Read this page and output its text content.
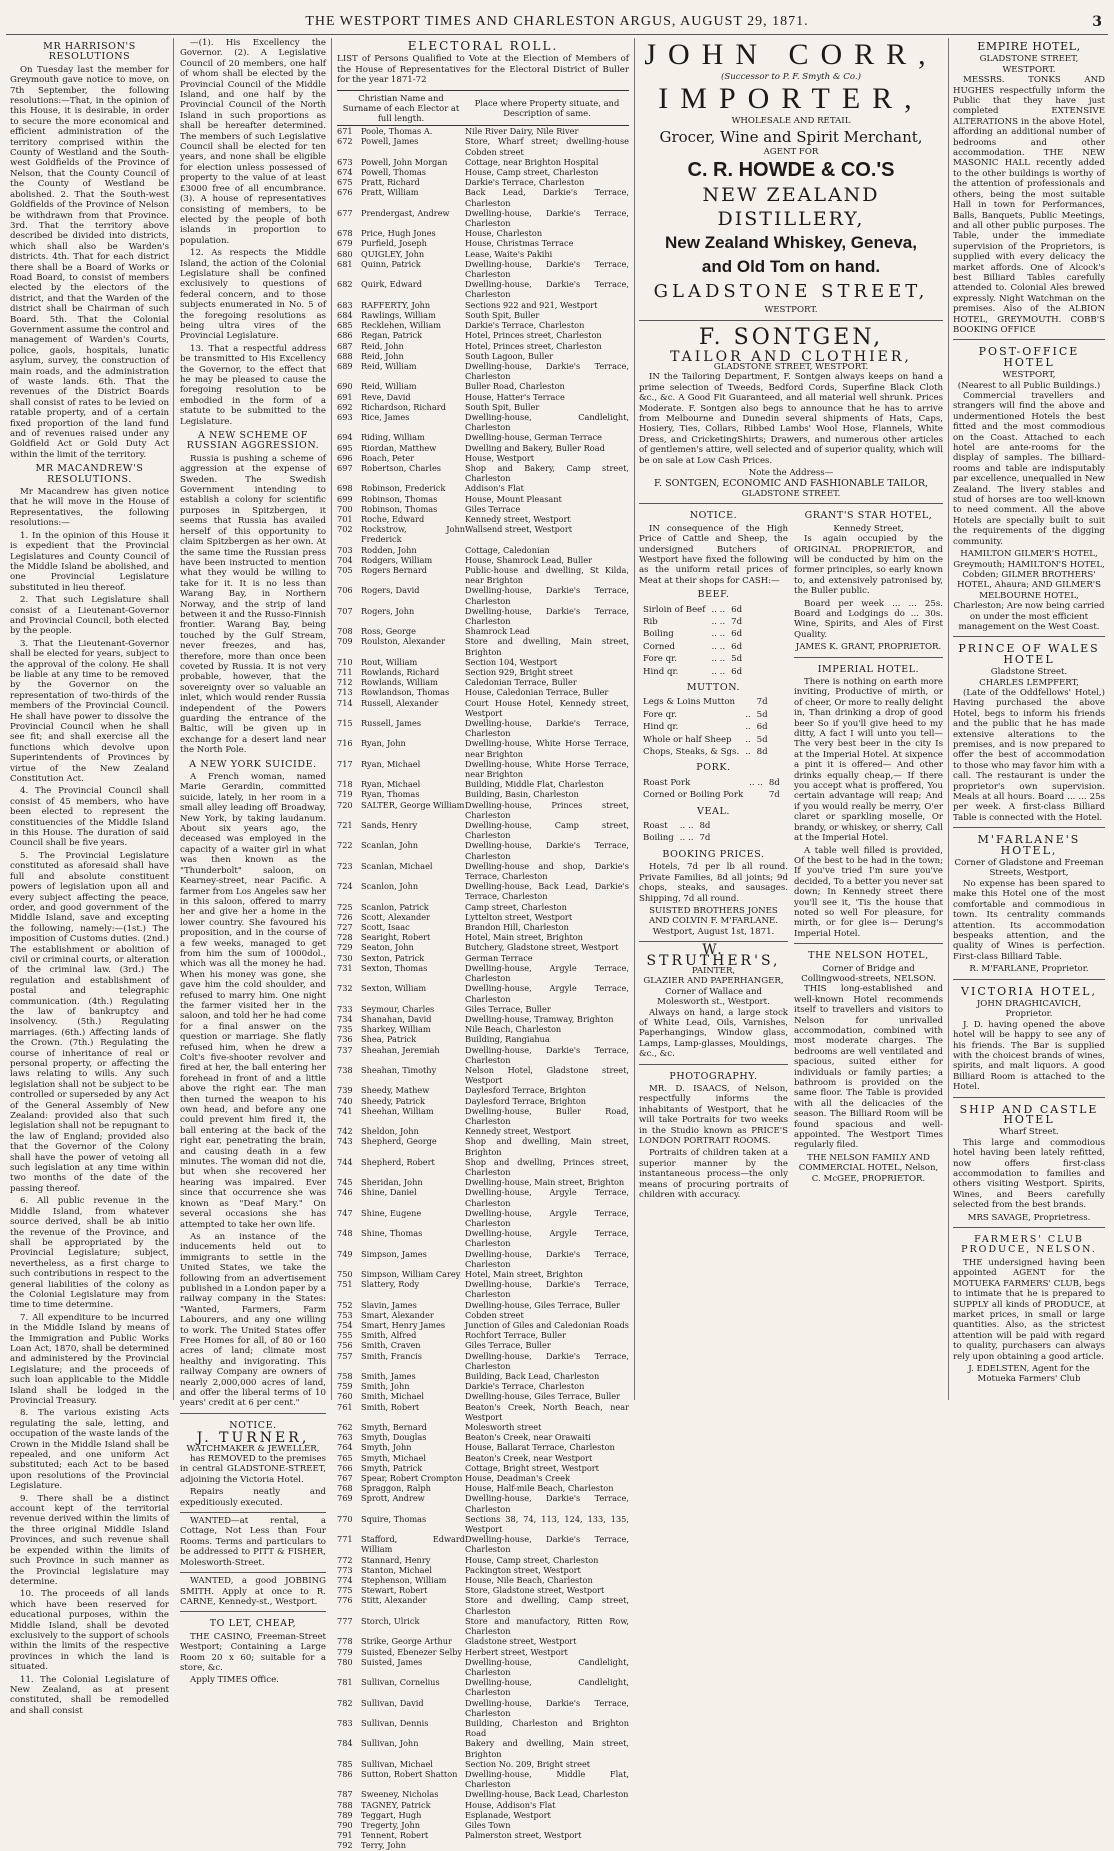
THE WESTPORT TIMES AND CHARLESTON ARGUS, AUGUST 29, 1871.	3
MR HARRISON'S RESOLUTIONS

On Tuesday last the member for Greymouth gave notice to move, on 7th September, the following resolutions:—That, in the opinion of this House, it is desirable, in order to secure the more economical and efficient administration of the territory comprised within the County of Westland and the South-west Goldfields of the Province of Nelson, that the County Council of the County of Westland be abolished. 2. That the South-west Goldfields of the Province of Nelson be withdrawn from that Province. 3rd. That the territory above described be divided into districts, which shall also be Warden's districts. 4th. That for each district there shall be a Board of Works or Road Board, to consist of members elected by the electors of the district, and that the Warden of the district shall be Chairman of such Board. 5th. That the Colonial Government assume the control and management of Warden's Courts, police, gaols, hospitals, lunatic asylum, survey, the construction of main roads, and the administration of waste lands. 6th. That the revenues of the District Boards shall consist of rates to be levied on ratable property, and of a certain fixed proportion of the land fund and of revenues raised under any Goldfield Act or Gold Duty Act within the limit of the territory.

MR MACANDREW'S RESOLUTIONS.

Mr Macandrew has given notice that he will move in the House of Representatives, the following resolutions:—

1. In the opinion of this House it is expedient that the Provincial Legislatures and County Council of the Middle Island be abolished, and one Provincial Legislature substituted in lieu thereof.

2. That such Legislature shall consist of a Lieutenant-Governor and Provincial Council, both elected by the people.

3. That the Lieutenant-Governor shall be elected for years, subject to the approval of the colony. He shall be liable at any time to be removed by the Governor on the representation of two-thirds of the members of the Provincial Council. He shall have power to dissolve the Provincial Council when he shall see fit; and shall exercise all the functions which devolve upon Superintendents of Provinces by virtue of the New Zealand Constitution Act.

4. The Provincial Council shall consist of 45 members, who have been elected to represent the constituencies of the Middle Island in this House. The duration of said Council shall be five years.

5. The Provincial Legislature constituted as aforesaid shall have full and absolute constituent powers of legislation upon all and every subject affecting the peace, order, and good government of the Middle Island, save and excepting the following, namely:—(1st.) The imposition of Customs duties. (2nd.) The establishment or abolition of civil or criminal courts, or alteration of the criminal law. (3rd.) The regulation and establishment of postal and telegraphic communication. (4th.) Regulating the law of bankruptcy and insolvency. (5th.) Regulating marriages. (6th.) Affecting lands of the Crown. (7th.) Regulating the course of inheritance of real or personal property, or affecting the laws relating to wills. Any such legislation shall not be subject to be controlled or superseded by any Act of the General Assembly of New Zealand: provided also that such legislation shall not be repugnant to the law of England; provided also that the Governor of the Colony shall have the power of vetoing all such legislation at any time within two months of the date of the passing thereof.

6. All public revenue in the Middle Island, from whatever source derived, shall be ab initio the revenue of the Province, and shall be appropriated by the Provincial Legislature; subject, nevertheless, as a first charge to such contributions in respect to the general liabilities of the colony as the Colonial Legislature may from time to time determine.

7. All expenditure to be incurred in the Middle Island by means of the Immigration and Public Works Loan Act, 1870, shall be determined and administered by the Provincial Legislature; and the proceeds of such loan applicable to the Middle Island shall be lodged in the Provincial Treasury.

8. The various existing Acts regulating the sale, letting, and occupation of the waste lands of the Crown in the Middle Island shall be repealed, and one uniform Act substituted; each Act to be based upon resolutions of the Provincial Legislature.

9. There shall be a distinct account kept of the territorial revenue derived within the limits of the three original Middle Island Provinces, and such revenue shall be expended within the limits of such Province in such manner as the Provincial legislature may determine.

10. The proceeds of all lands which have been reserved for educational purposes, within the Middle Island, shall be devoted exclusively to the support of schools within the limits of the respective provinces in which the land is situated.

11. The Colonial Legislature of New Zealand, as at present constituted, shall be remodelled and shall consist

—(1). His Excellency the Governor. (2). A Legislative Council of 20 members, one half of whom shall be elected by the Provincial Council of the Middle Island, and one half by the Provincial Council of the North Island in such proportions as shall be hereafter determined. The members of such Legislative Council shall be elected for ten years, and none shall be eligible for election unless possessed of property to the value of at least £3000 free of all encumbrance. (3). A house of representatives consisting of members, to be elected by the people of both islands in proportion to population.

12. As respects the Middle Island, the action of the Colonial Legislature shall be confined exclusively to questions of federal concern, and to those subjects enumerated in No. 5 of the foregoing resolutions as being ultra vires of the Provincial Legislature.

13. That a respectful address be transmitted to His Excellency the Governor, to the effect that he may be pleased to cause the foregoing resolution to be embodied in the form of a statute to be submitted to the Legislature.

A NEW SCHEME OF RUSSIAN AGGRESSION.

Russia is pushing a scheme of aggression at the expense of Sweden. The Swedish Government intending to establish a colony for scientific purposes in Spitzbergen, it seems that Russia has availed herself of this opportunity to claim Spitzbergen as her own. At the same time the Russian press have been instructed to mention what they would be willing to take for it. It is no less than Warang Bay, in Northern Norway, and the strip of land between it and the Russo-Finnish frontier. Warang Bay, being touched by the Gulf Stream, never freezes, and has, therefore, more than once been coveted by Russia. It is not very probable, however, that the sovereignty over so valuable an inlet, which would render Russia independent of the Powers guarding the entrance of the Baltic, will be given up in exchange for a desert land near the North Pole.

A NEW YORK SUICIDE.

A French woman, named Marie Gerardin, committed suicide, lately, in her room in a small alley leading off Broadway, New York, by taking laudanum. About six years ago, the deceased was employed in the capacity of a waiter girl in what was then known as the "Thunderbolt" saloon, on Kearney-street, near Pacific. A farmer from Los Angeles saw her in this saloon, offered to marry her and give her a home in the lower country. She favoured his proposition, and in the course of a few weeks, managed to get from him the sum of 1000dol., which was all the money he had. When his money was gone, she gave him the cold shoulder, and refused to marry him. One night the farmer visited her in the saloon, and told her he had come for a final answer on the question or marriage. She flatly refused him, when he drew a Colt's five-shooter revolver and fired at her, the ball entering her forehead in front of and a little above the right ear. The man then turned the weapon to his own head, and before any one could prevent him fired it, the ball entering at the back of the right ear, penetrating the brain, and causing death in a few minutes. The woman did not die, but when she recovered her hearing was impaired. Ever since that occurrence she was known as "Deaf Mary." On several occasions she has attempted to take her own life.

As an instance of the inducements held out to immigrants to settle in the United States, we take the following from an advertisement published in a London paper by a railway company in the States: "Wanted, Farmers, Farm Labourers, and any one willing to work. The United States offer Free Homes for all, of 80 or 160 acres of land; climate most healthy and invigorating. This railway Company are owners of nearly 2,000,000 acres of land, and offer the liberal terms of 10 years' credit at 6 per cent."

NOTICE.
J. TURNER,
WATCHMAKER & JEWELLER,

has REMOVED to the premises in central GLADSTONE-STREET, adjoining the Victoria Hotel.

Repairs neatly and expeditiously executed.

WANTED—at rental, a Cottage, Not Less than Four Rooms. Terms and particulars to be addressed to PITT & FISHER, Molesworth-Street.

WANTED, a good JOBBING SMITH. Apply at once to R. CARNE, Kennedy-st., Westport.

TO LET, CHEAP,

THE CASINO, Freeman-Street Westport; Containing a Large Room 20 x 60; suitable for a store, &c.

Apply TIMES Office.

ELECTORAL ROLL.

LIST of Persons Qualified to Vote at the Election of Members of the House of Representatives for the Electoral District of Buller for the year 1871-72

Christian Name and Surname of each Elector at full length.		Place where Property situate, and Description of same.
671	Poole, Thomas A.	Nile River Dairy, Nile River
672	Powell, James	Store, Wharf street; dwelling-house Cobden street
673	Powell, John Morgan	Cottage, near Brighton Hospital
674	Powell, Thomas	House, Camp street, Charleston
675	Pratt, Richard	Darkie's Terrace, Charleston
676	Pratt, William	Back Lead, Darkie's Terrace, Charleston
677	Prendergast, Andrew	Dwelling-house, Darkie's Terrace, Charleston
678	Price, Hugh Jones	House, Charleston
679	Purfield, Joseph	House, Christmas Terrace
680	QUIGLEY, John	Lease, Waite's Pakihi
681	Quinn, Patrick	Dwelling-house, Darkie's Terrace, Charleston
682	Quirk, Edward	Dwelling-house, Darkie's Terrace, Charleston
683	RAFFERTY, John	Sections 922 and 921, Westport
684	Rawlings, William	South Spit, Buller
685	Recklehen, William	Darkie's Terrace, Charleston
686	Regan, Patrick	Hotel, Princes street, Charleston
687	Reid, John	Hotel, Princes street, Charleston
688	Reid, John	South Lagoon, Buller
689	Reid, William	Dwelling-house, Darkie's Terrace, Charleston
690	Reid, William	Buller Road, Charleston
691	Reve, David	House, Hatter's Terrace
692	Richardson, Richard	South Spit, Buller
693	Rice, James	Dwelling-house, Candlelight, Charleston
694	Riding, William	Dwelling-house, German Terrace
695	Riordan, Matthew	Dwelling and Bakery, Buller Road
696	Roach, Peter	House, Westport
697	Robertson, Charles	Shop and Bakery, Camp street, Charleston
698	Robinson, Frederick	Addison's Flat
699	Robinson, Thomas	House, Mount Pleasant
700	Robinson, Thomas	Giles Terrace
701	Roche, Edward	Kennedy street, Westport
702	Rockstrow, John Frederick	Wallsend street, Westport
703	Rodden, John	Cottage, Caledonian
704	Rodgers, William	House, Shamrock Lead, Buller
705	Rogers Bernard	Public-house and dwelling, St Kilda, near Brighton
706	Rogers, David	Dwelling-house, Darkie's Terrace, Charleston
707	Rogers, John	Dwelling-house, Darkie's Terrace, Charleston
708	Ross, George	Shamrock Lead
709	Roulston, Alexander	Store and dwelling, Main street, Brighton
710	Rout, William	Section 104, Westport
711	Rowlands, Richard	Section 929, Bright street
712	Rowlands, William	Caledonian Terrace, Buller
713	Rowlandson, Thomas	House, Caledonian Terrace, Buller
714	Russell, Alexander	Court House Hotel, Kennedy street, Westport
715	Russell, James	Dwelling-house, Darkie's Terrace, Charleston
716	Ryan, John	Dwelling-house, White Horse Terrace, near Brighton
717	Ryan, Michael	Dwelling-house, White Horse Terrace, near Brighton
718	Ryan, Michael	Building, Middle Flat, Charleston
719	Ryan, Thomas	Building, Basin, Charleston
720	SALTER, George William	Dwelling-house, Princes street, Charleston
721	Sands, Henry	Dwelling-house, Camp street, Charleston
722	Scanlan, John	Dwelling-house, Darkie's Terrace, Charleston
723	Scanlan, Michael	Dwelling-house and shop, Darkie's Terrace, Charleston
724	Scanlon, John	Dwelling-house, Back Lead, Darkie's Terrace, Charleston
725	Scanlon, Patrick	Camp street, Charleston
726	Scott, Alexander	Lyttelton street, Westport
727	Scott, Isaac	Brandon Hill, Charleston
728	Searight, Robert	Hotel, Main street, Brighton
729	Seaton, John	Butchery, Gladstone street, Westport
730	Sexton, Patrick	German Terrace
731	Sexton, Thomas	Dwelling-house, Argyle Terrace, Charleston
732	Sexton, William	Dwelling-house, Argyle Terrace, Charleston
733	Seymour, Charles	Giles Terrace, Buller
734	Shanahan, David	Dwelling-house, Tramway, Brighton
735	Sharkey, William	Nile Beach, Charleston
736	Shea, Patrick	Building, Rangiahua
737	Sheahan, Jeremiah	Dwelling-house, Darkie's Terrace, Charleston
738	Sheahan, Timothy	Nelson Hotel, Gladstone street, Westport
739	Sheedy, Mathew	Daylesford Terrace, Brighton
740	Sheedy, Patrick	Daylesford Terrace, Brighton
741	Sheehan, William	Dwelling-house, Buller Road, Charleston
742	Sheldon, John	Kennedy street, Westport
743	Shepherd, George	Shop and dwelling, Main street, Brighton
744	Shepherd, Robert	Shop and dwelling, Princes street, Charleston
745	Sheridan, John	Dwelling-house, Main street, Brighton
746	Shine, Daniel	Dwelling-house, Argyle Terrace, Charleston
747	Shine, Eugene	Dwelling-house, Argyle Terrace, Charleston
748	Shine, Thomas	Dwelling-house, Argyle Terrace, Charleston
749	Simpson, James	Dwelling-house, Darkie's Terrace, Charleston
750	Simpson, William Carey	Hotel, Main street, Brighton
751	Slattery, Rody	Dwelling-house, Darkie's Terrace, Charleston
752	Slavin, James	Dwelling-house, Giles Terrace, Buller
753	Smart, Alexander	Cobden street
754	Smart, Henry James	Junction of Giles and Caledonian Roads
755	Smith, Alfred	Rochfort Terrace, Buller
756	Smith, Craven	Giles Terrace, Buller
757	Smith, Francis	Dwelling-house, Darkie's Terrace, Charleston
758	Smith, James	Building, Back Lead, Charleston
759	Smith, John	Darkie's Terrace, Charleston
760	Smith, Michael	Dwelling-house, Giles Terrace, Buller
761	Smith, Robert	Beaton's Creek, North Beach, near Westport
762	Smyth, Bernard	Molesworth street
763	Smyth, Douglas	Beaton's Creek, near Orawaiti
764	Smyth, John	House, Ballarat Terrace, Charleston
765	Smyth, Michael	Beaton's Creek, near Westport
766	Smyth, Patrick	Cottage, Bright street, Westport
767	Spear, Robert Crompton	House, Deadman's Creek
768	Spraggon, Ralph	House, Half-mile Beach, Charleston
769	Sprott, Andrew	Dwelling-house, Darkie's Terrace, Charleston
770	Squire, Thomas	Sections 38, 74, 113, 124, 133, 135, Westport
771	Stafford, Edward William	Dwelling-house, Darkie's Terrace, Charleston
772	Stannard, Henry	House, Camp street, Charleston
773	Stanton, Michael	Packington street, Westport
774	Stephenson, William	House, Nile Beach, Charleston
775	Stewart, Robert	Store, Gladstone street, Westport
776	Stitt, Alexander	Store and dwelling, Camp street, Charleston
777	Storch, Ulrick	Store and manufactory, Ritten Row, Charleston
778	Strike, George Arthur	Gladstone street, Westport
779	Suisted, Ebenezer Selby	Herbert street, Westport
780	Suisted, James	Dwelling-house, Candlelight, Charleston
781	Sullivan, Cornelius	Dwelling-house, Candlelight, Charleston
782	Sullivan, David	Dwelling-house, Darkie's Terrace, Charleston
783	Sullivan, Dennis	Building, Charleston and Brighton Road
784	Sullivan, John	Bakery and dwelling, Main street, Brighton
785	Sullivan, Michael	Section No. 209, Bright street
786	Sutton, Robert Shatton	Dwelling-house, Middle Flat, Charleston
787	Sweeney, Nicholas	Dwelling-house, Back Lead, Charleston
788	TAGNEY, Patrick	House, Addison's Flat
789	Teggart, Hugh	Esplanade, Westport
790	Tregerty, John	Giles Town
791	Tennent, Robert	Palmerston street, Westport
792	Terry, John	
JOHN CORR,
(Successor to P. F. Smyth & Co.)
IMPORTER,
WHOLESALE AND RETAIL
Grocer, Wine and Spirit Merchant,
AGENT FOR
C. R. HOWDE & CO.'S
NEW ZEALAND DISTILLERY,
New Zealand Whiskey, Geneva,
and Old Tom on hand.
GLADSTONE STREET,
WESTPORT.
F. SONTGEN,
TAILOR AND CLOTHIER,
GLADSTONE STREET, WESTPORT.

IN the Tailoring Department, F. Sontgen always keeps on hand a prime selection of Tweeds, Bedford Cords, Superfine Black Cloth &c., &c. A Good Fit Guaranteed, and all material well shrunk. Prices Moderate. F. Sontgen also begs to announce that he has to arrive from Melbourne and Dunedin several shipments of Hats, Caps, Hosiery, Ties, Collars, Ribbed Lambs' Wool Hose, Flannels, White Dress, and CricketingShirts; Drawers, and numerous other articles of gentlemen's attire, well selected and of superior quality, which will be on sale at Low Cash Prices.

Note the Address—
F. SONTGEN, ECONOMIC AND FASHIONABLE TAILOR,
GLADSTONE STREET.
NOTICE.

IN consequence of the High Price of Cattle and Sheep, the undersigned Butchers of Westport have fixed the following as the uniform retail prices of Meat at their shops for CASH:—

BEEF.
Sirloin of Beef	.. ..	6d
Rib	.. ..	7d
Boiling	.. ..	6d
Corned	.. ..	6d
Fore qr.	.. ..	5d
Hind qr.	.. ..	6d
MUTTON.
Legs & Loins Mutton		7d
Fore qr.	..	5d
Hind qr.	..	6d
Whole or half Sheep	..	5d
Chops, Steaks, & Sgs.	..	8d
PORK.
Roast Pork	.. ..	8d
Corned or Boiling Pork		7d
VEAL.
Roast	.. ..	8d
Boiling	.. ..	7d
BOOKING PRICES.

Hotels, 7d per lb all round. Private Families, 8d all joints; 9d chops, steaks, and sausages. Shipping, 7d all round.

SUISTED BROTHERS JONES AND COLVIN F. M'FARLANE.
Westport, August 1st, 1871.
W. STRUTHER'S,
PAINTER,
GLAZIER AND PAPERHANGER,
Corner of Wallace and Molesworth st., Westport.

Always on hand, a large stock of White Lead, Oils, Varnishes, Paperhangings, Window glass, Lamps, Lamp-glasses, Mouldings, &c., &c.

PHOTOGRAPHY.

MR. D. ISAACS, of Nelson, respectfully informs the inhabitants of Westport, that he will take Portraits for two weeks in the Studio known as PRICE'S LONDON PORTRAIT ROOMS.

Portraits of children taken at a superior manner by the instantaneous process—the only means of procuring portraits of children with accuracy.

GRANT'S STAR HOTEL,
Kennedy Street,

Is again occupied by the ORIGINAL PROPRIETOR, and will be conducted by him on the former principles, so early known to, and extensively patronised by, the Buller public.

Board per week ... ... 25s. Board and Lodgings do ... 30s. Wine, Spirits, and Ales of First Quality.

JAMES K. GRANT, PROPRIETOR.
IMPERIAL HOTEL.

There is nothing on earth more inviting, Productive of mirth, or of cheer, Or more to really delight in, Than drinking a drop of good beer So if you'll give heed to my ditty, A fact I will unto you tell— The very best beer in the city Is at the Imperial Hotel. At sixpence a pint it is offered— And other drinks equally cheap,— If there you accept what is proffered, You certain advantage will reap; And if you would really be merry, O'er claret or sparkling moselle, Or brandy, or whiskey, or sherry, Call at the Imperial Hotel.

A table well filled is provided, Of the best to be had in the town; If you've tried I'm sure you've decided, To a better you never sat down; In Kennedy street there you'll see it, 'Tis the house that noted so well For pleasure, for mirth, or for glee is— Derung's Imperial Hotel.

THE NELSON HOTEL,
Corner of Bridge and Collingwood-streets, NELSON.

THIS long-established and well-known Hotel recommends itself to travellers and visitors to Nelson for unrivalled accommodation, combined with most moderate charges. The bedrooms are well ventilated and spacious, suited either for individuals or family parties; a bathroom is provided on the same floor. The Table is provided with all the delicacies of the season. The Billiard Room will be found spacious and well-appointed. The Westport Times regularly filed.

THE NELSON FAMILY AND COMMERCIAL HOTEL, Nelson, C. McGEE, PROPRIETOR.
EMPIRE HOTEL,
GLADSTONE STREET, WESTPORT.

MESSRS. TONKS AND HUGHES respectfully inform the Public that they have just completed EXTENSIVE ALTERATIONS in the above Hotel, affording an additional number of bedrooms and other accommodation. THE NEW MASONIC HALL recently added to the other buildings is worthy of the attention of professionals and others, being the most suitable Hall in town for Performances, Balls, Banquets, Public Meetings, and all other public purposes. The Table, under the immediate supervision of the Proprietors, is supplied with every delicacy the market affords. One of Alcock's best Billiard Tables carefully attended to. Colonial Ales brewed expressly. Night Watchman on the premises. Also of the ALBION HOTEL, GREYMOUTH. COBB'S BOOKING OFFICE

POST-OFFICE HOTEL
WESTPORT,
(Nearest to all Public Buildings.)

Commercial travellers and strangers will find the above and undermentioned Hotels the best fitted and the most commodious on the Coast. Attached to each hotel are ante-rooms for the display of samples. The billiard-rooms and table are indisputably par excellence, unequalled in New Zealand. The livery stables and stud of horses are too well-known to need comment. All the above Hotels are specially built to suit the requirements of the digging community.

HAMILTON GILMER'S HOTEL, Greymouth; HAMILTON'S HOTEL, Cobden; GILMER BROTHERS' HOTEL, Ahaura; AND GILMER'S MELBOURNE HOTEL, Charleston; Are now being carried on under the most efficient management on the West Coast.

PRINCE OF WALES HOTEL
Gladstone Street.
CHARLES LEMPFERT,

(Late of the Oddfellows' Hotel,) Having purchased the above Hotel, begs to inform his friends and the public that he has made extensive alterations to the premises, and is now prepared to offer the best of accommodation to those who may favor him with a call. The restaurant is under the proprietor's own supervision. Meals at all hours. Board ... ... 25s per week. A first-class Billiard Table is connected with the Hotel.

M'FARLANE'S HOTEL,
Corner of Gladstone and Freeman Streets, Westport,

No expense has been spared to make this Hotel one of the most comfortable and commodious in town. Its centrality commands attention. Its accommodation bespeaks attention, and the quality of Wines is perfection. First-class Billiard Table.

R. M'FARLANE, Proprietor.
VICTORIA HOTEL,
JOHN DRAGHICAVICH, Proprietor.

J. D. having opened the above hotel will be happy to see any of his friends. The Bar is supplied with the choicest brands of wines, spirits, and malt liquors. A good Billiard Room is attached to the Hotel.

SHIP AND CASTLE HOTEL
Wharf Street.

This large and commodious hotel having been lately refitted, now offers first-class accommodation to families and others visiting Westport. Spirits, Wines, and Beers carefully selected from the best brands.

MRS SAVAGE, Proprietress.
FARMERS' CLUB PRODUCE, NELSON.

THE undersigned having been appointed AGENT for the MOTUEKA FARMERS' CLUB, begs to intimate that he is prepared to SUPPLY all kinds of PRODUCE, at market prices, in small or large quantities. Also, as the strictest attention will be paid with regard to quality, purchasers can always rely upon obtaining a good article.

J. EDELSTEN, Agent for the Motueka Farmers' Club
